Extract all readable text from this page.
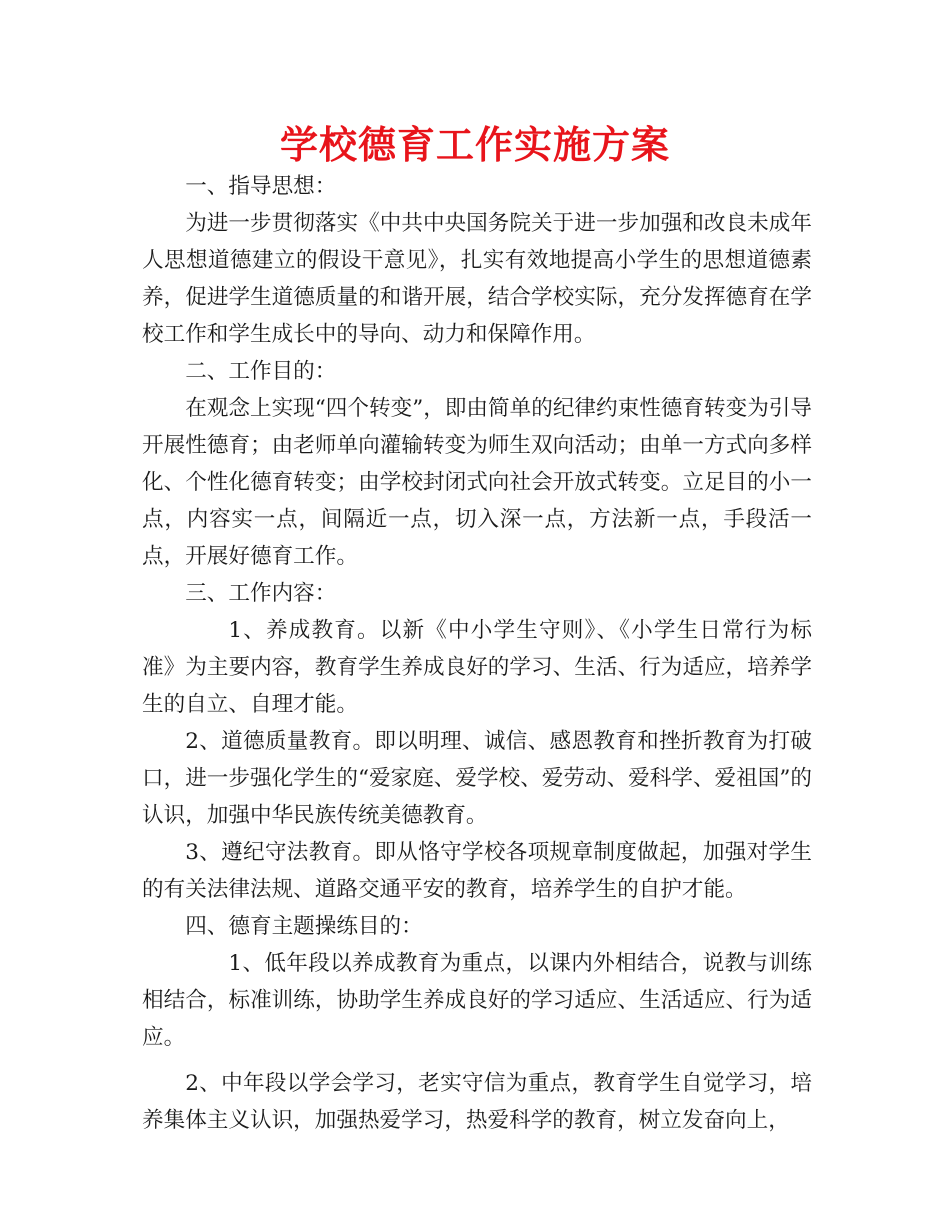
学校德育工作实施方案

一、指导思想：

为进一步贯彻落实《中共中央国务院关于进一步加强和改良未成年人思想道德建立的假设干意见》，扎实有效地提高小学生的思想道德素养，促进学生道德质量的和谐开展，结合学校实际，充分发挥德育在学校工作和学生成长中的导向、动力和保障作用。

二、工作目的：

在观念上实现“四个转变”，即由简单的纪律约束性德育转变为引导开展性德育；由老师单向灌输转变为师生双向活动；由单一方式向多样化、个性化德育转变；由学校封闭式向社会开放式转变。立足目的小一点，内容实一点，间隔近一点，切入深一点，方法新一点，手段活一点，开展好德育工作。

三、工作内容：

1、养成教育。以新《中小学生守则》、《小学生日常行为标准》为主要内容，教育学生养成良好的学习、生活、行为适应，培养学生的自立、自理才能。

2、道德质量教育。即以明理、诚信、感恩教育和挫折教育为打破口，进一步强化学生的“爱家庭、爱学校、爱劳动、爱科学、爱祖国”的认识，加强中华民族传统美德教育。

3、遵纪守法教育。即从恪守学校各项规章制度做起，加强对学生的有关法律法规、道路交通平安的教育，培养学生的自护才能。

四、德育主题操练目的：

1、低年段以养成教育为重点，以课内外相结合，说教与训练相结合，标准训练，协助学生养成良好的学习适应、生活适应、行为适应。

2、中年段以学会学习，老实守信为重点，教育学生自觉学习，培养集体主义认识，加强热爱学习，热爱科学的教育，树立发奋向上，
